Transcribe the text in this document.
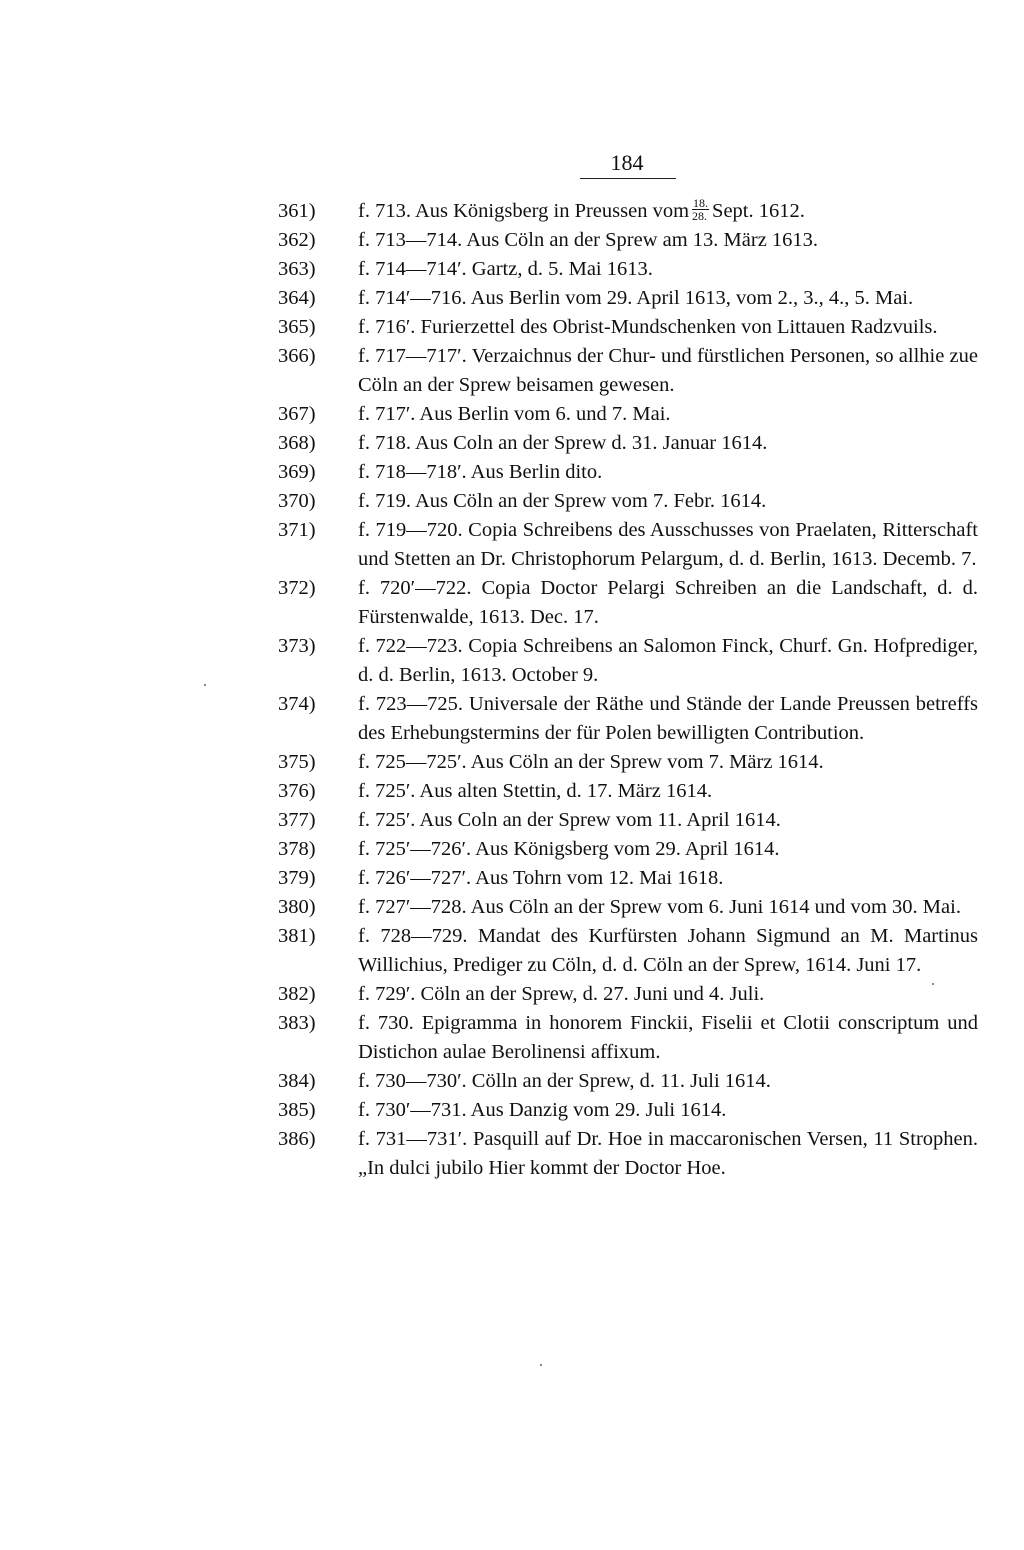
184
361) f. 713. Aus Königsberg in Preussen vom $\frac{18.}{28.}$ Sept. 1612.
362) f. 713—714. Aus Cöln an der Sprew am 13. März 1613.
363) f. 714—714′. Gartz, d. 5. Mai 1613.
364) f. 714′—716. Aus Berlin vom 29. April 1613, vom 2., 3., 4., 5. Mai.
365) f. 716′. Furierzettel des Obrist-Mundschenken von Littauen Radzvuils.
366) f. 717—717′. Verzaichnus der Chur- und fürstlichen Personen, so allhie zue Cöln an der Sprew beisamen gewesen.
367) f. 717′. Aus Berlin vom 6. und 7. Mai.
368) f. 718. Aus Coln an der Sprew d. 31. Januar 1614.
369) f. 718—718′. Aus Berlin dito.
370) f. 719. Aus Cöln an der Sprew vom 7. Febr. 1614.
371) f. 719—720. Copia Schreibens des Ausschusses von Praelaten, Ritterschaft und Stetten an Dr. Christophorum Pelargum, d. d. Berlin, 1613. Decemb. 7.
372) f. 720′—722. Copia Doctor Pelargi Schreiben an die Landschaft, d. d. Fürstenwalde, 1613. Dec. 17.
373) f. 722—723. Copia Schreibens an Salomon Finck, Churf. Gn. Hofprediger, d. d. Berlin, 1613. October 9.
374) f. 723—725. Universale der Räthe und Stände der Lande Preussen betreffs des Erhebungstermins der für Polen bewilligten Contribution.
375) f. 725—725′. Aus Cöln an der Sprew vom 7. März 1614.
376) f. 725′. Aus alten Stettin, d. 17. März 1614.
377) f. 725′. Aus Coln an der Sprew vom 11. April 1614.
378) f. 725′—726′. Aus Königsberg vom 29. April 1614.
379) f. 726′—727′. Aus Tohrn vom 12. Mai 1618.
380) f. 727′—728. Aus Cöln an der Sprew vom 6. Juni 1614 und vom 30. Mai.
381) f. 728—729. Mandat des Kurfürsten Johann Sigmund an M. Martinus Willichius, Prediger zu Cöln, d. d. Cöln an der Sprew, 1614. Juni 17.
382) f. 729′. Cöln an der Sprew, d. 27. Juni und 4. Juli.
383) f. 730. Epigramma in honorem Finckii, Fiselii et Clotii conscriptum und Distichon aulae Berolinensi affixum.
384) f. 730—730′. Cölln an der Sprew, d. 11. Juli 1614.
385) f. 730′—731. Aus Danzig vom 29. Juli 1614.
386) f. 731—731′. Pasquill auf Dr. Hoe in maccaronischen Versen, 11 Strophen. „In dulci jubilo Hier kommt der Doctor Hoe.
